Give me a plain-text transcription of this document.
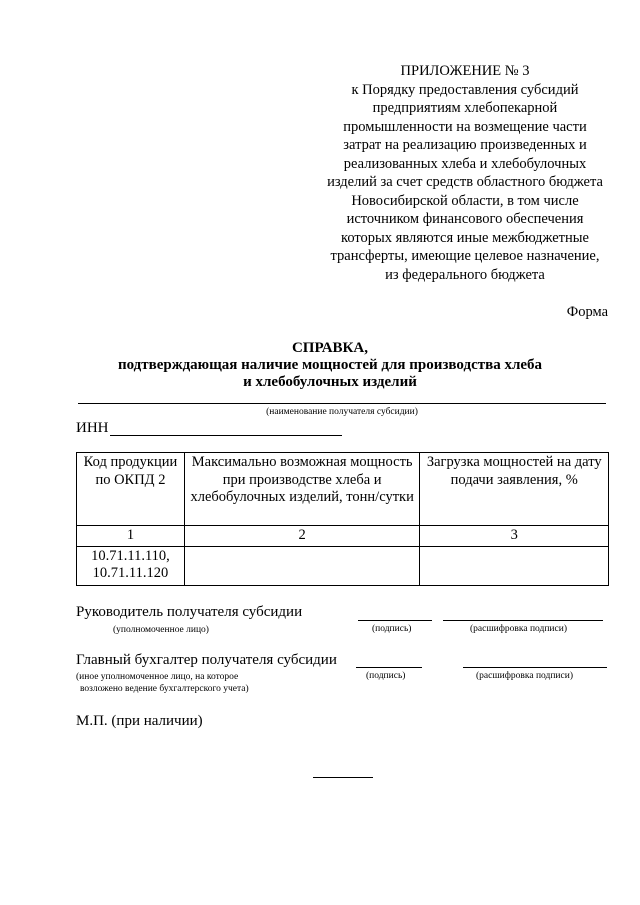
ПРИЛОЖЕНИЕ № 3
к Порядку предоставления субсидий
предприятиям хлебопекарной
промышленности на возмещение части
затрат на реализацию произведенных и
реализованных хлеба и хлебобулочных
изделий за счет средств областного бюджета
Новосибирской области, в том числе
источником финансового обеспечения
которых являются иные межбюджетные
трансферты, имеющие целевое назначение,
из федерального бюджета
Форма
СПРАВКА,
подтверждающая наличие мощностей для производства хлеба
и хлебобулочных изделий
(наименование получателя субсидии)
ИНН
Код продукции по ОКПД 2	Максимально возможная мощность при производстве хлеба и хлебобулочных изделий, тонн/сутки	Загрузка мощностей на дату подачи заявления, %
1	2	3
10.71.11.110,
10.71.11.120		
Руководитель получателя субсидии
(уполномоченное лицо)	(подпись)	(расшифровка подписи)
Главный бухгалтер получателя субсидии
(иное уполномоченное лицо, на которое
возложено ведение бухгалтерского учета)
(подпись)	(расшифровка подписи)
М.П. (при наличии)
